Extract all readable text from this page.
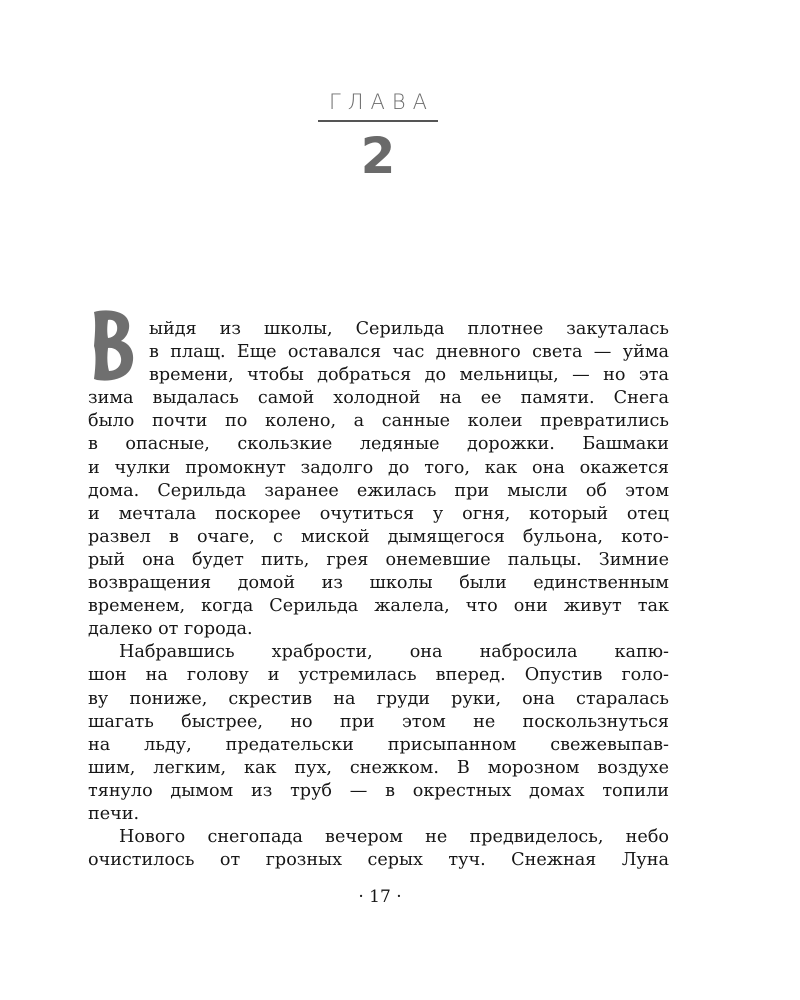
ГЛАВА
2
ыйдя из школы, Серильда плотнее закуталась
в плащ. Еще оставался час дневного света — уйма
времени, чтобы добраться до мельницы, — но эта
зима выдалась самой холодной на ее памяти. Снега
было почти по колено, а санные колеи превратились
в опасные, скользкие ледяные дорожки. Башмаки
и чулки промокнут задолго до того, как она окажется
дома. Серильда заранее ежилась при мысли об этом
и мечтала поскорее очутиться у огня, который отец
развел в очаге, с миской дымящегося бульона, кото-
рый она будет пить, грея онемевшие пальцы. Зимние
возвращения домой из школы были единственным
временем, когда Серильда жалела, что они живут так
далеко от города.
Набравшись храбрости, она набросила капю-
шон на голову и устремилась вперед. Опустив голо-
ву пониже, скрестив на груди руки, она старалась
шагать быстрее, но при этом не поскользнуться
на льду, предательски присыпанном свежевыпав-
шим, легким, как пух, снежком. В морозном воздухе
тянуло дымом из труб — в окрестных домах топили
печи.
Нового снегопада вечером не предвиделось, небо
очистилось от грозных серых туч. Снежная Луна
· 17 ·
